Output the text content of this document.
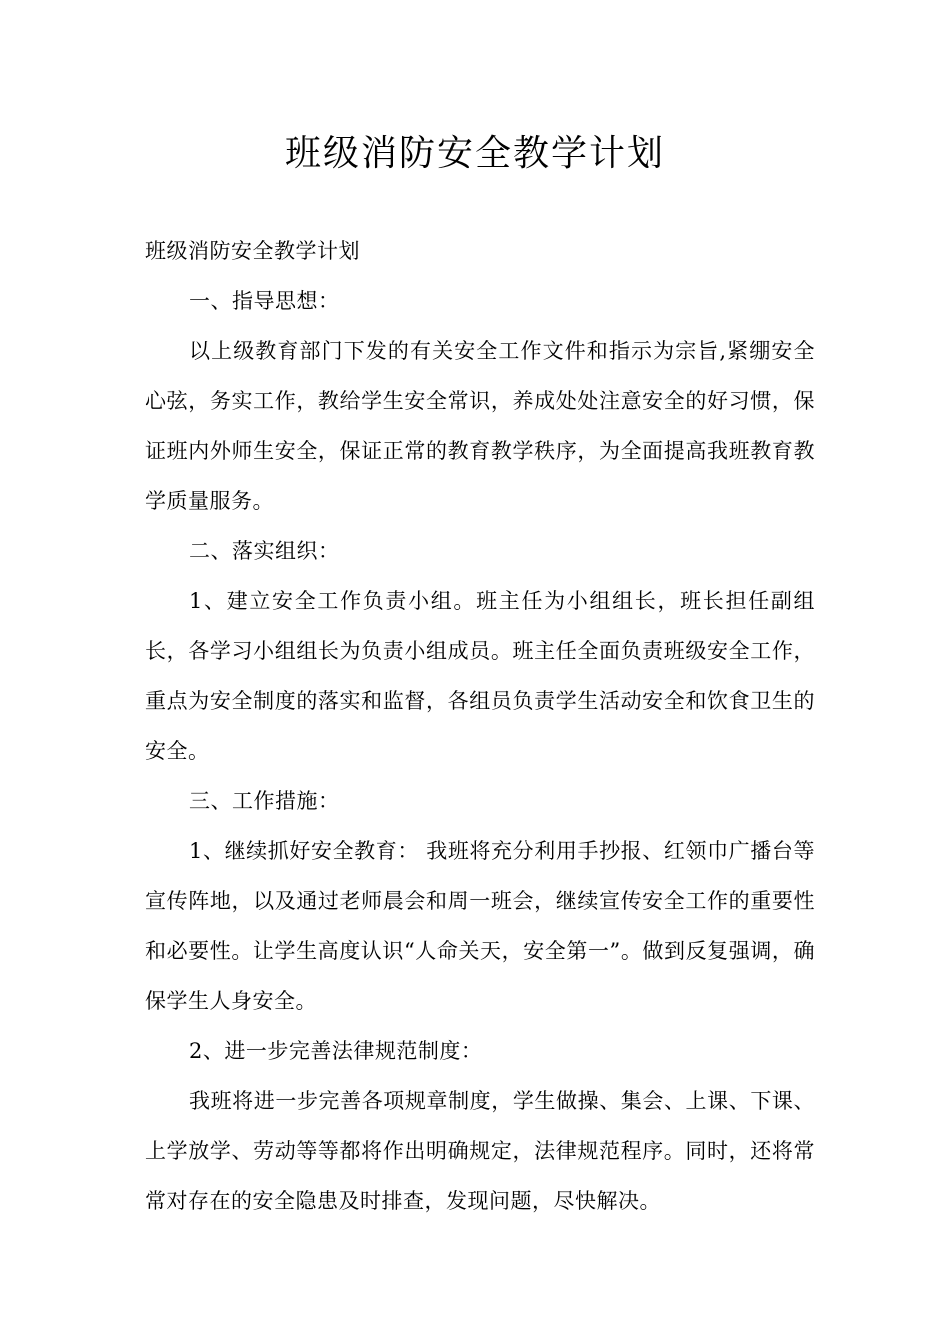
班级消防安全教学计划

班级消防安全教学计划

一、指导思想：

以上级教育部门下发的有关安全工作文件和指示为宗旨,紧绷安全心弦，务实工作，教给学生安全常识，养成处处注意安全的好习惯，保证班内外师生安全，保证正常的教育教学秩序，为全面提高我班教育教学质量服务。

二、落实组织：

1、建立安全工作负责小组。班主任为小组组长，班长担任副组长，各学习小组组长为负责小组成员。班主任全面负责班级安全工作，重点为安全制度的落实和监督，各组员负责学生活动安全和饮食卫生的安全。

三、工作措施：

1、继续抓好安全教育： 我班将充分利用手抄报、红领巾广播台等宣传阵地，以及通过老师晨会和周一班会，继续宣传安全工作的重要性和必要性。让学生高度认识“人命关天，安全第一”。做到反复强调，确保学生人身安全。

2、进一步完善法律规范制度：

我班将进一步完善各项规章制度，学生做操、集会、上课、下课、上学放学、劳动等等都将作出明确规定，法律规范程序。同时，还将常常对存在的安全隐患及时排查，发现问题，尽快解决。
